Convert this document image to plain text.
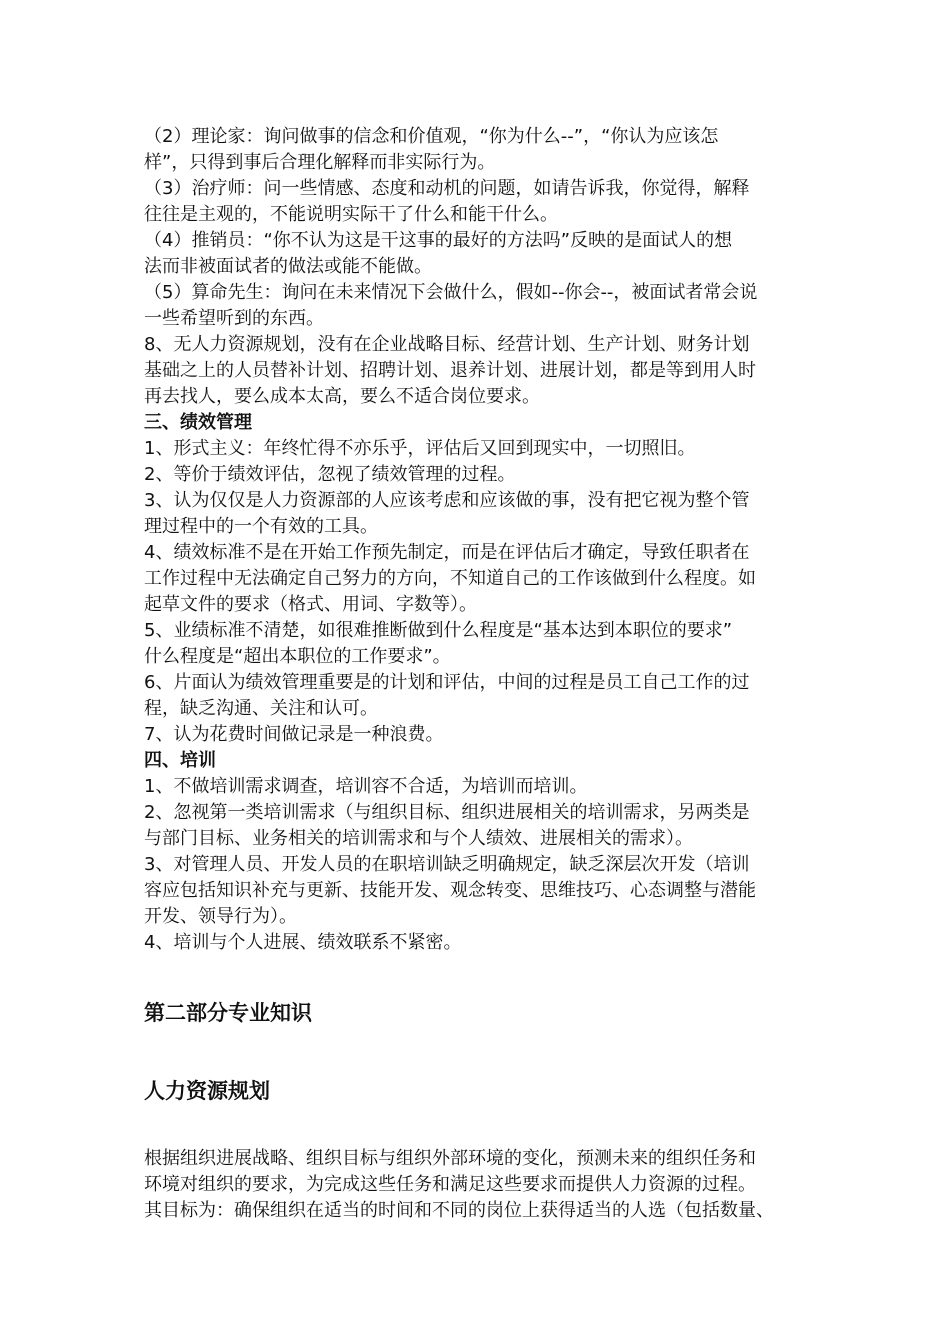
（2）理论家：询问做事的信念和价值观，“你为什么--”，“你认为应该怎

样”，只得到事后合理化解释而非实际行为。

（3）治疗师：问一些情感、态度和动机的问题，如请告诉我，你觉得，解释

往往是主观的，不能说明实际干了什么和能干什么。

（4）推销员：“你不认为这是干这事的最好的方法吗”反映的是面试人的想

法而非被面试者的做法或能不能做。

（5）算命先生：询问在未来情况下会做什么，假如--你会--，被面试者常会说

一些希望听到的东西。

8、无人力资源规划，没有在企业战略目标、经营计划、生产计划、财务计划

基础之上的人员替补计划、招聘计划、退养计划、进展计划，都是等到用人时

再去找人，要么成本太高，要么不适合岗位要求。

三、绩效管理

1、形式主义：年终忙得不亦乐乎，评估后又回到现实中，一切照旧。

2、等价于绩效评估，忽视了绩效管理的过程。

3、认为仅仅是人力资源部的人应该考虑和应该做的事，没有把它视为整个管

理过程中的一个有效的工具。

4、绩效标准不是在开始工作预先制定，而是在评估后才确定，导致任职者在

工作过程中无法确定自己努力的方向，不知道自己的工作该做到什么程度。如

起草文件的要求（格式、用词、字数等）。

5、业绩标准不清楚，如很难推断做到什么程度是“基本达到本职位的要求”

什么程度是“超出本职位的工作要求”。

6、片面认为绩效管理重要是的计划和评估，中间的过程是员工自己工作的过

程，缺乏沟通、关注和认可。

7、认为花费时间做记录是一种浪费。

四、培训

1、不做培训需求调查，培训容不合适，为培训而培训。

2、忽视第一类培训需求（与组织目标、组织进展相关的培训需求，另两类是

与部门目标、业务相关的培训需求和与个人绩效、进展相关的需求）。

3、对管理人员、开发人员的在职培训缺乏明确规定，缺乏深层次开发（培训

容应包括知识补充与更新、技能开发、观念转变、思维技巧、心态调整与潜能

开发、领导行为）。

4、培训与个人进展、绩效联系不紧密。

第二部分专业知识

人力资源规划

根据组织进展战略、组织目标与组织外部环境的变化，预测未来的组织任务和

环境对组织的要求，为完成这些任务和满足这些要求而提供人力资源的过程。

其目标为：确保组织在适当的时间和不同的岗位上获得适当的人选（包括数量、
